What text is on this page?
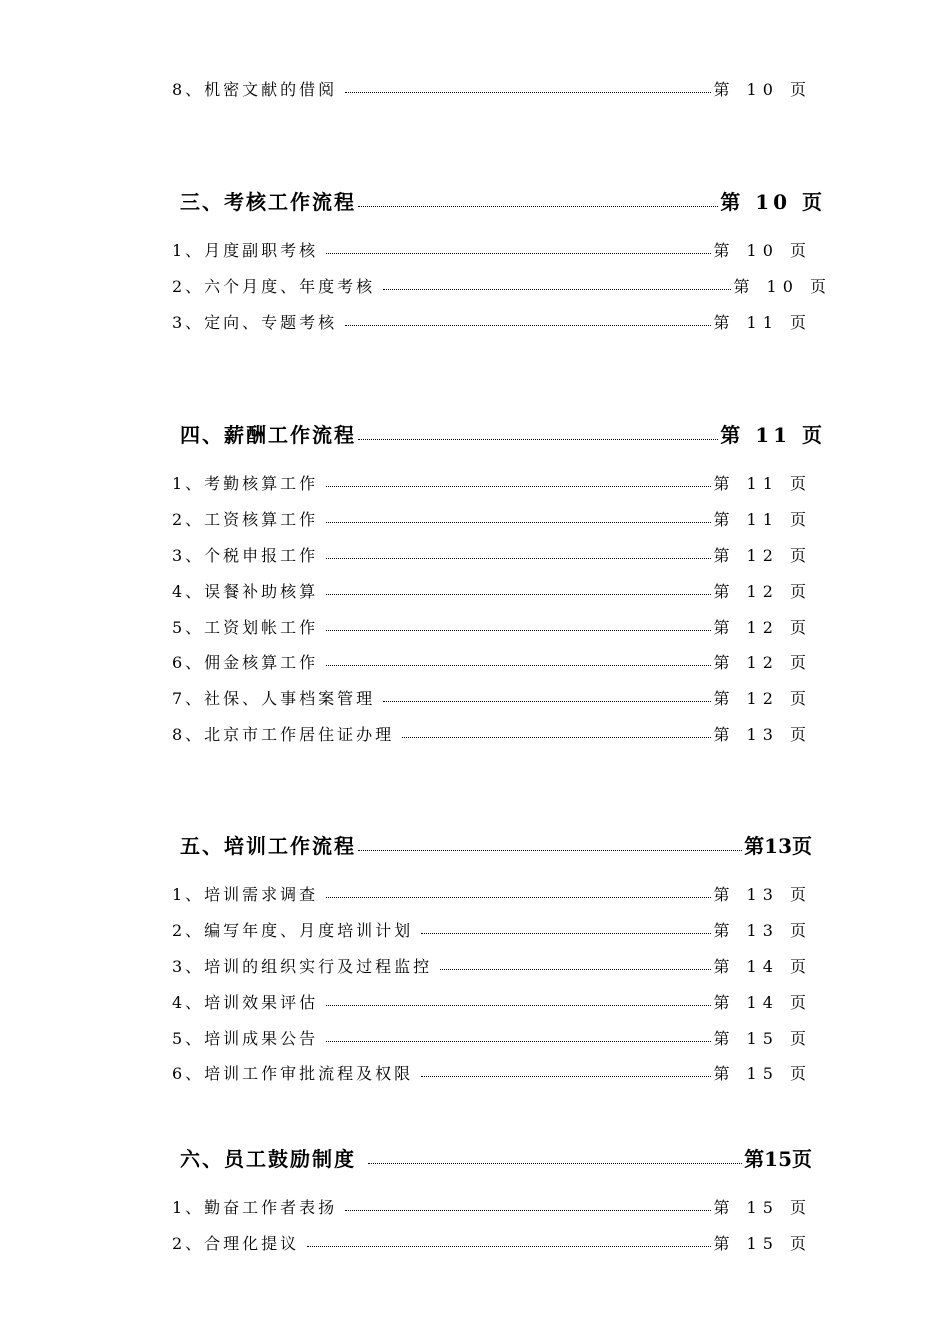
8、机密文献的借阅	第 10 页
三、考核工作流程	第 10 页
1、月度副职考核	第 10 页
2、六个月度、年度考核	第 10 页
3、定向、专题考核	第 11 页
四、薪酬工作流程	第 11 页
1、考勤核算工作	第 11 页
2、工资核算工作	第 11 页
3、个税申报工作	第 12 页
4、误餐补助核算	第 12 页
5、工资划帐工作	第 12 页
6、佣金核算工作	第 12 页
7、社保、人事档案管理	第 12 页
8、北京市工作居住证办理	第 13 页
五、培训工作流程	第13页
1、培训需求调查	第 13 页
2、编写年度、月度培训计划	第 13 页
3、培训的组织实行及过程监控	第 14 页
4、培训效果评估	第 14 页
5、培训成果公告	第 15 页
6、培训工作审批流程及权限	第 15 页
六、员工鼓励制度	第15页
1、勤奋工作者表扬	第 15 页
2、合理化提议	第 15 页
